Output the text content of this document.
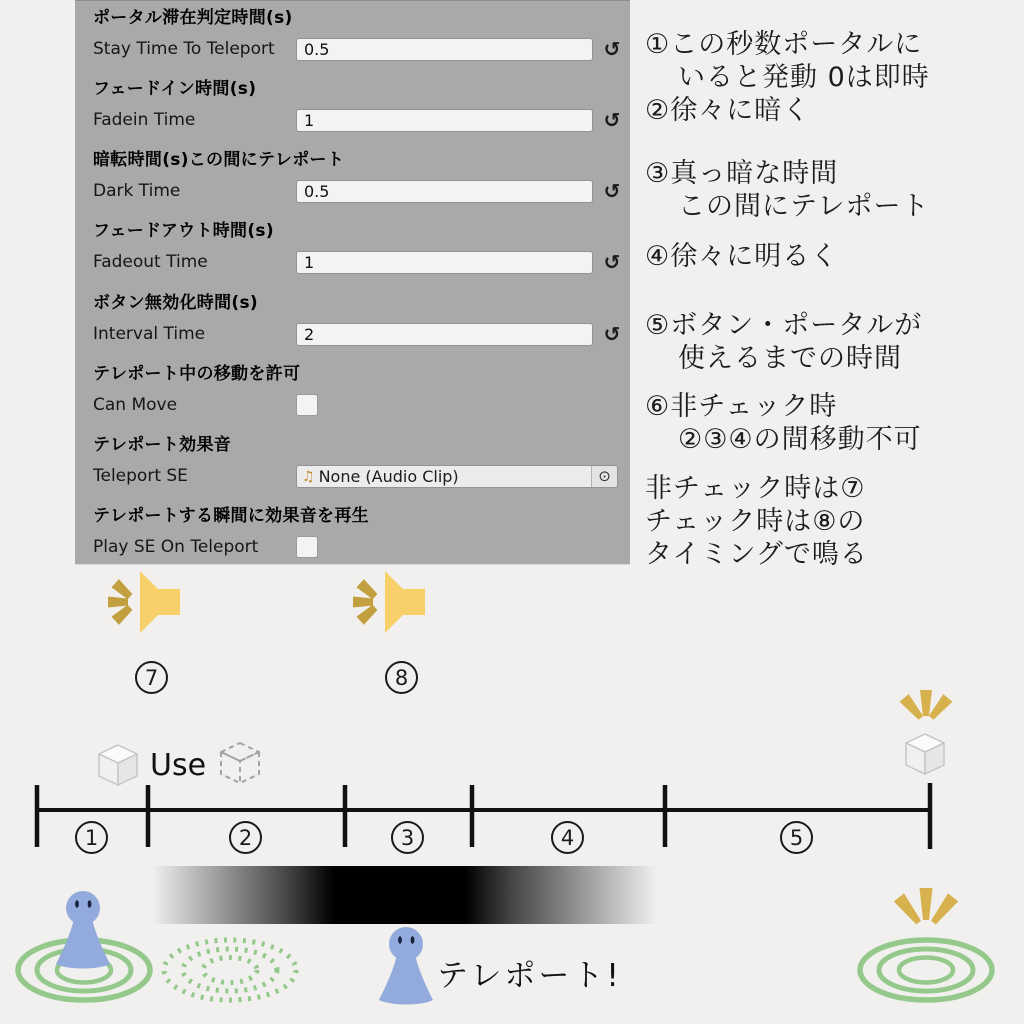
ポータル滞在判定時間(s)
Stay Time To Teleport	0.5	↺
フェードイン時間(s)
Fadein Time	1	↺
暗転時間(s)この間にテレポート
Dark Time	0.5	↺
フェードアウト時間(s)
Fadeout Time	1	↺
ボタン無効化時間(s)
Interval Time	2	↺
テレポート中の移動を許可
Can Move
テレポート効果音
Teleport SE	♫ None (Audio Clip)	⊙
テレポートする瞬間に効果音を再生
Play SE On Teleport
①この秒数ポータルに
いると発動 0は即時
②徐々に暗く
③真っ暗な時間
この間にテレポート
④徐々に明るく
⑤ボタン・ポータルが
使えるまでの時間
⑥非チェック時
②③④の間移動不可
非チェック時は⑦
チェック時は⑧の
タイミングで鳴る
7	8
Use
1	2	3	4	5
テレポート!
